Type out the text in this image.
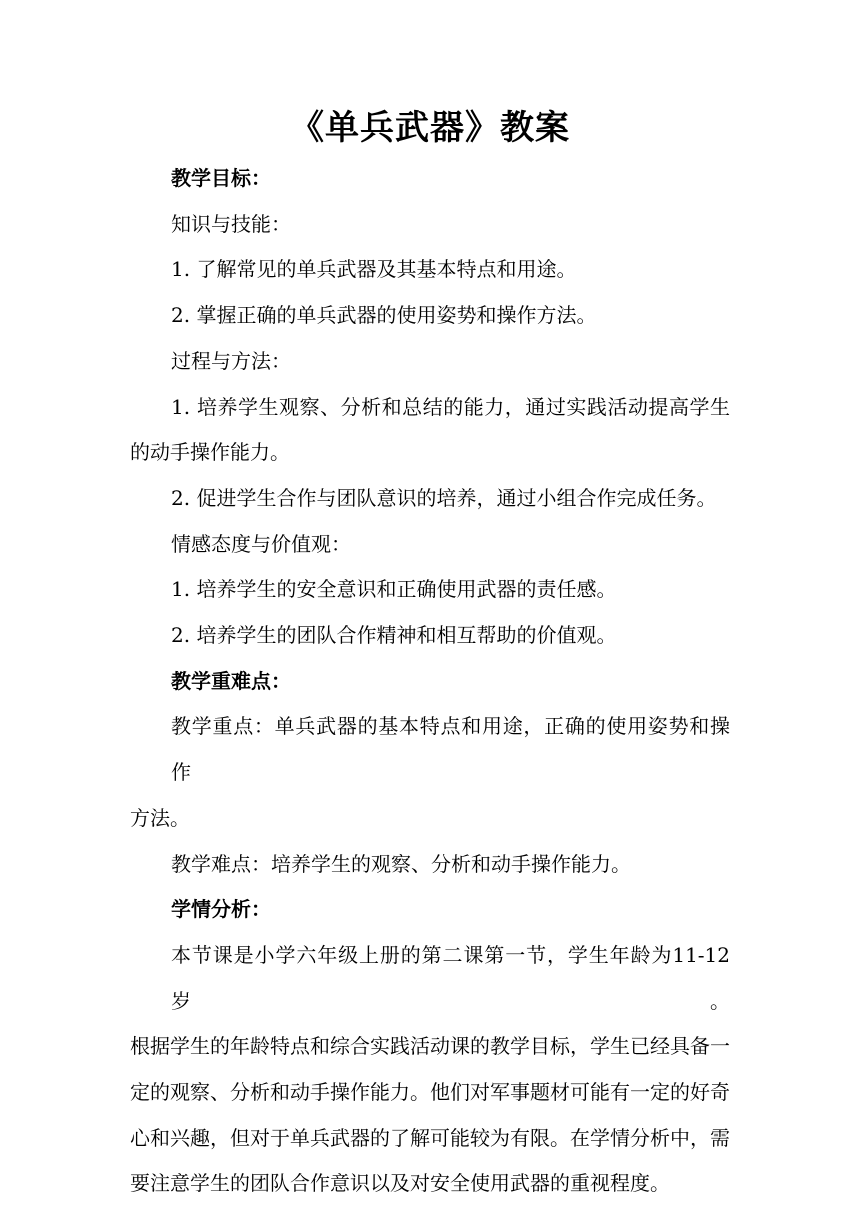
《单兵武器》教案
教学目标：
知识与技能：
1. 了解常见的单兵武器及其基本特点和用途。
2. 掌握正确的单兵武器的使用姿势和操作方法。
过程与方法：
1. 培养学生观察、分析和总结的能力，通过实践活动提高学生
的动手操作能力。
2. 促进学生合作与团队意识的培养，通过小组合作完成任务。
情感态度与价值观：
1. 培养学生的安全意识和正确使用武器的责任感。
2. 培养学生的团队合作精神和相互帮助的价值观。
教学重难点：
教学重点：单兵武器的基本特点和用途，正确的使用姿势和操作
方法。
教学难点：培养学生的观察、分析和动手操作能力。
学情分析：
本节课是小学六年级上册的第二课第一节，学生年龄为11-12岁。
根据学生的年龄特点和综合实践活动课的教学目标，学生已经具备一
定的观察、分析和动手操作能力。他们对军事题材可能有一定的好奇
心和兴趣，但对于单兵武器的了解可能较为有限。在学情分析中，需
要注意学生的团队合作意识以及对安全使用武器的重视程度。
